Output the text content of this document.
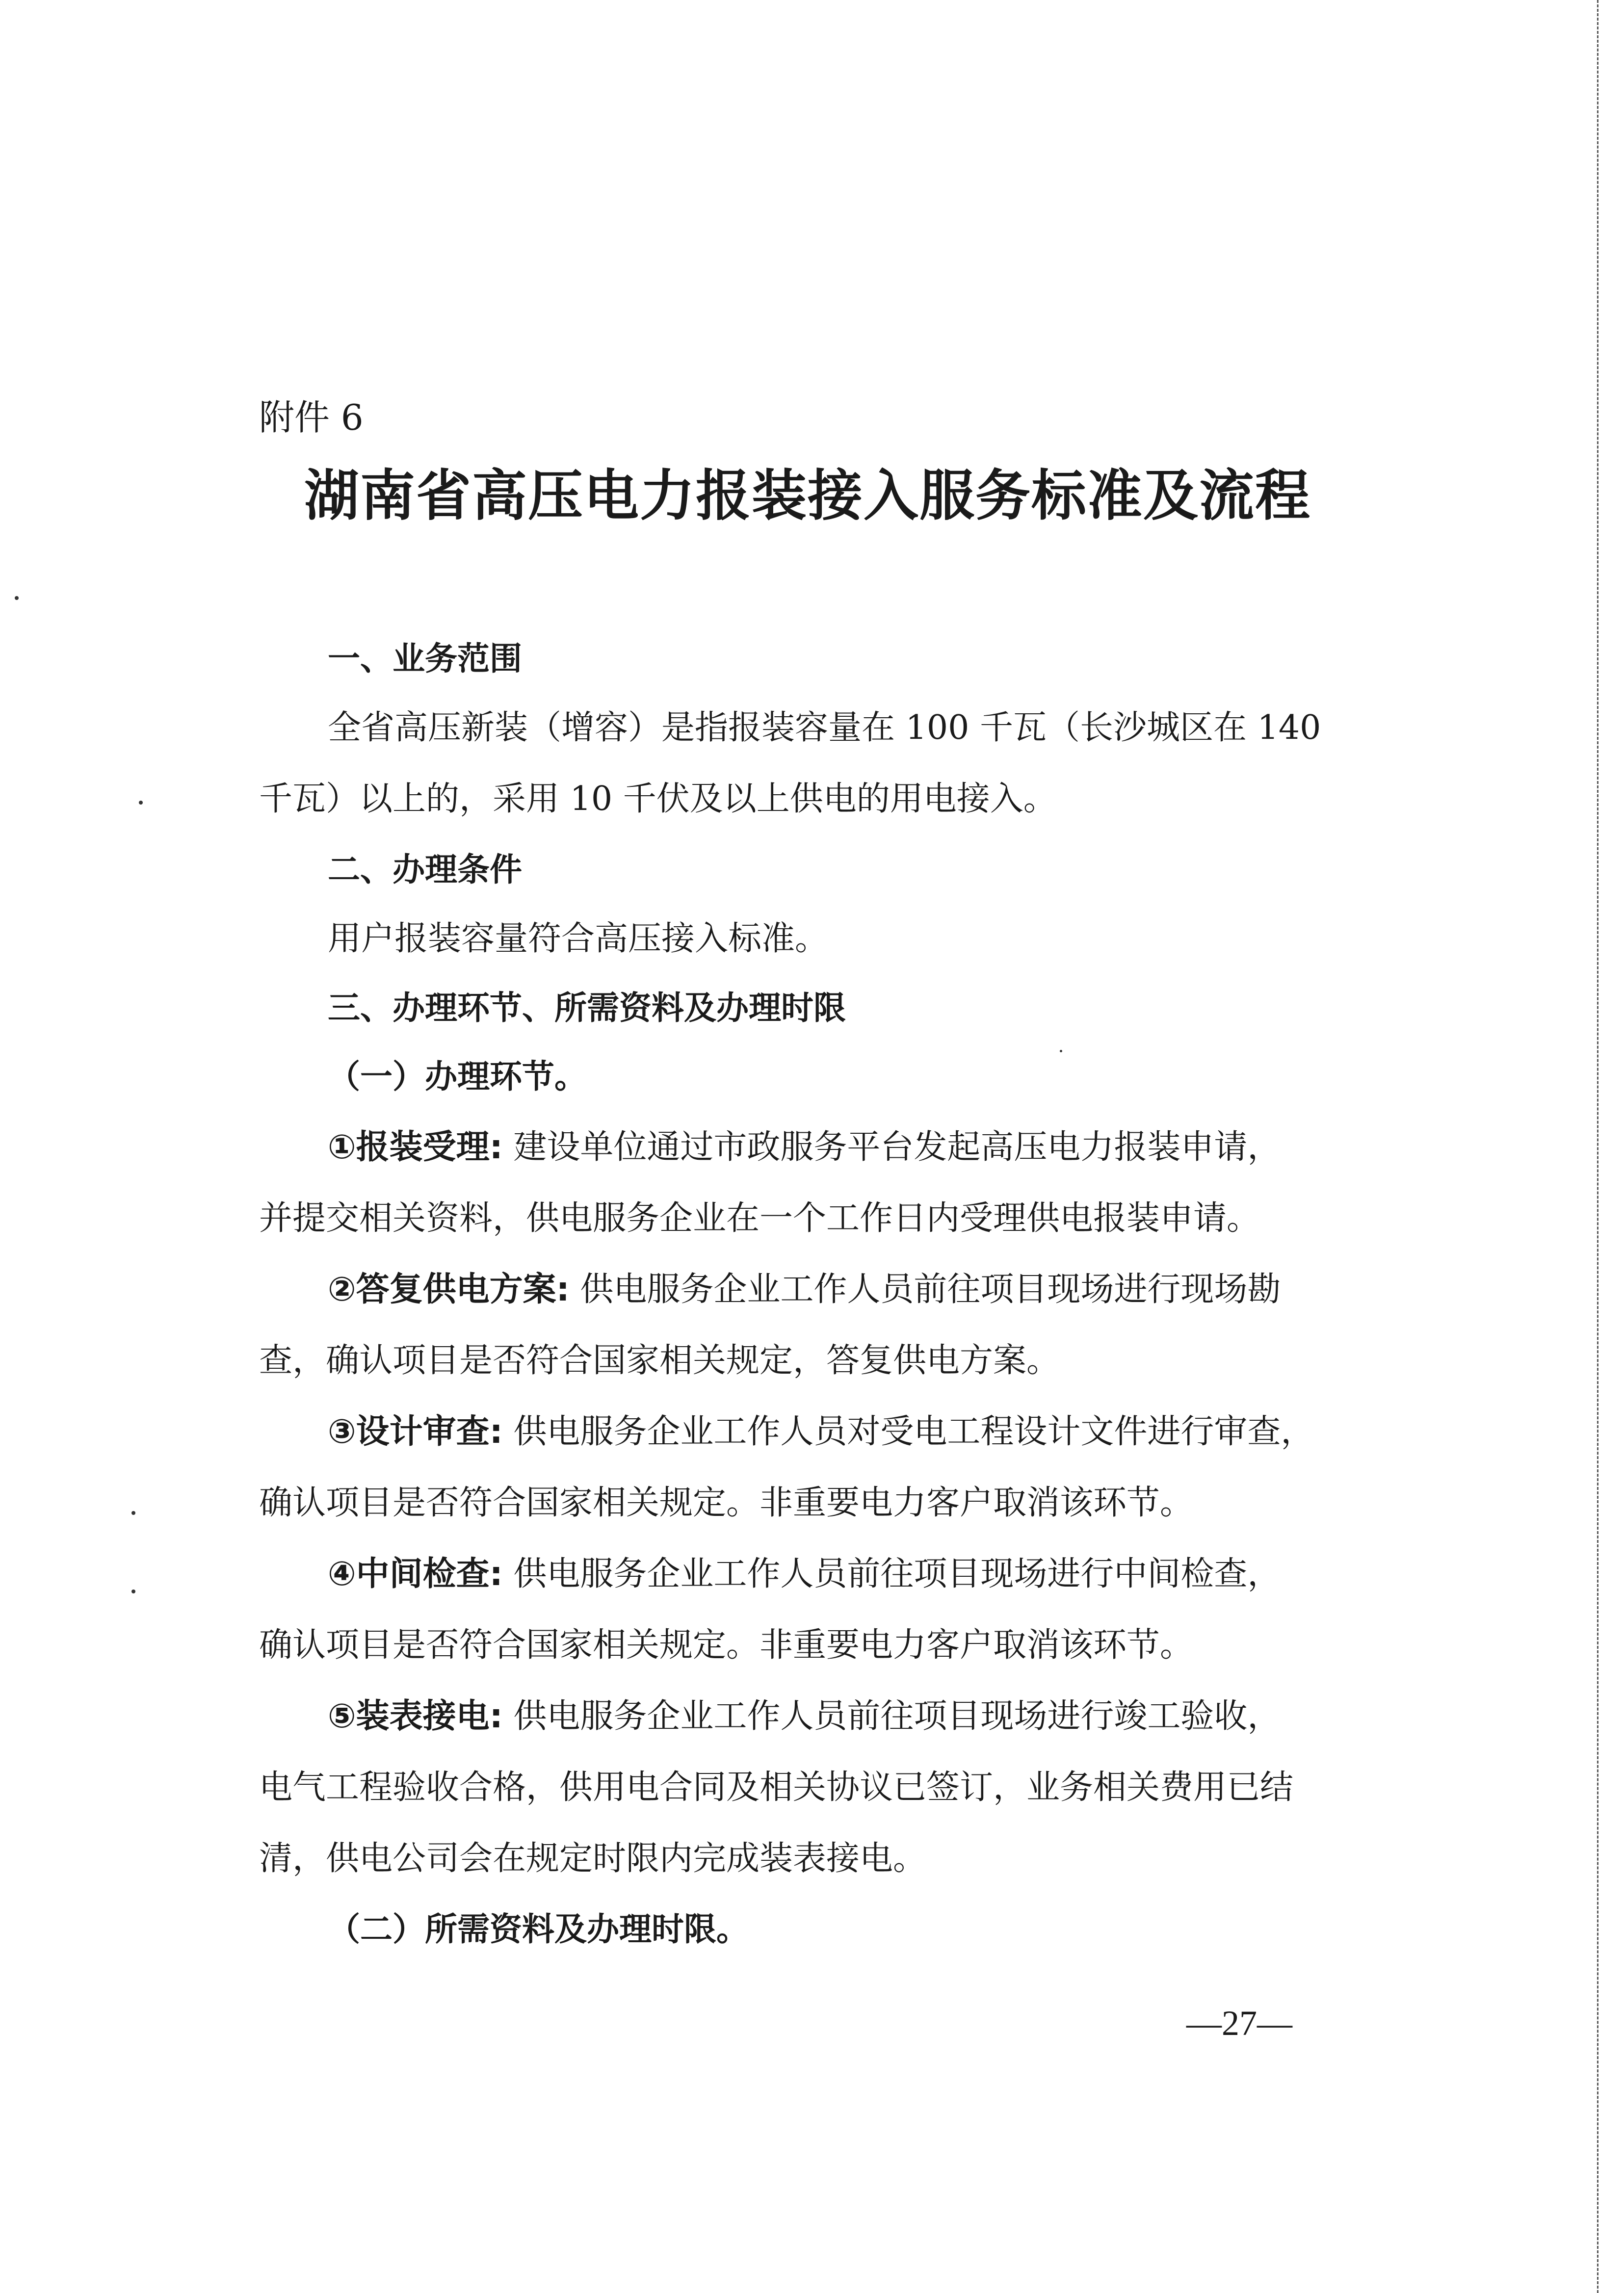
附件 6
湖南省高压电力报装接入服务标准及流程
一、业务范围
全省高压新装（增容）是指报装容量在 100 千瓦（长沙城区在 140
千瓦）以上的，采用 10 千伏及以上供电的用电接入。
二、办理条件
用户报装容量符合高压接入标准。
三、办理环节、所需资料及办理时限
（一）办理环节。
①报装受理: 建设单位通过市政服务平台发起高压电力报装申请，
并提交相关资料，供电服务企业在一个工作日内受理供电报装申请。
②答复供电方案: 供电服务企业工作人员前往项目现场进行现场勘
查，确认项目是否符合国家相关规定，答复供电方案。
③设计审查: 供电服务企业工作人员对受电工程设计文件进行审查，
确认项目是否符合国家相关规定。非重要电力客户取消该环节。
④中间检查: 供电服务企业工作人员前往项目现场进行中间检查，
确认项目是否符合国家相关规定。非重要电力客户取消该环节。
⑤装表接电: 供电服务企业工作人员前往项目现场进行竣工验收，
电气工程验收合格，供用电合同及相关协议已签订，业务相关费用已结
清，供电公司会在规定时限内完成装表接电。
（二）所需资料及办理时限。
—27—
